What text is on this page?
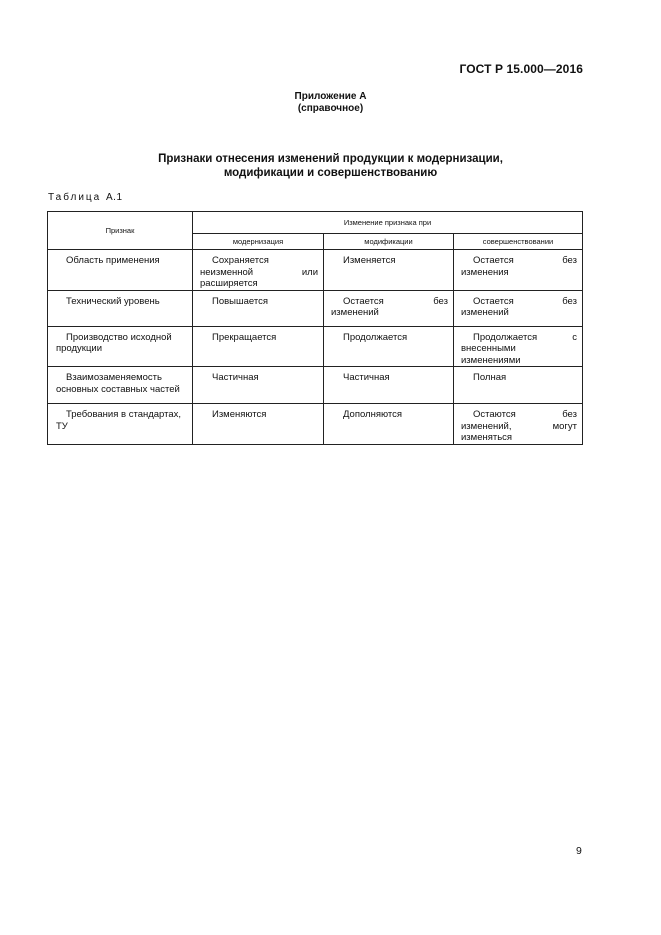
ГОСТ Р 15.000—2016
Приложение А
(справочное)
Признаки отнесения изменений продукции к модернизации,
модификации и совершенствованию
Таблица А.1
Признак	Изменение признака при		
	модернизация	модификации	совершенствовании

Область применения	Сохраняется неизменной или расширяется	Изменяется	Остается без изменения

Технический уровень	Повышается	Остается без изменений	Остается без изменений

Производство исходной продукции	Прекращается	Продолжается	Продолжается с внесенными изменениями

Взаимозаменяемость основных составных частей	Частичная	Частичная	Полная

Требования в стандартах, ТУ	Изменяются	Дополняются	Остаются без изменений, могут изменяться
9
